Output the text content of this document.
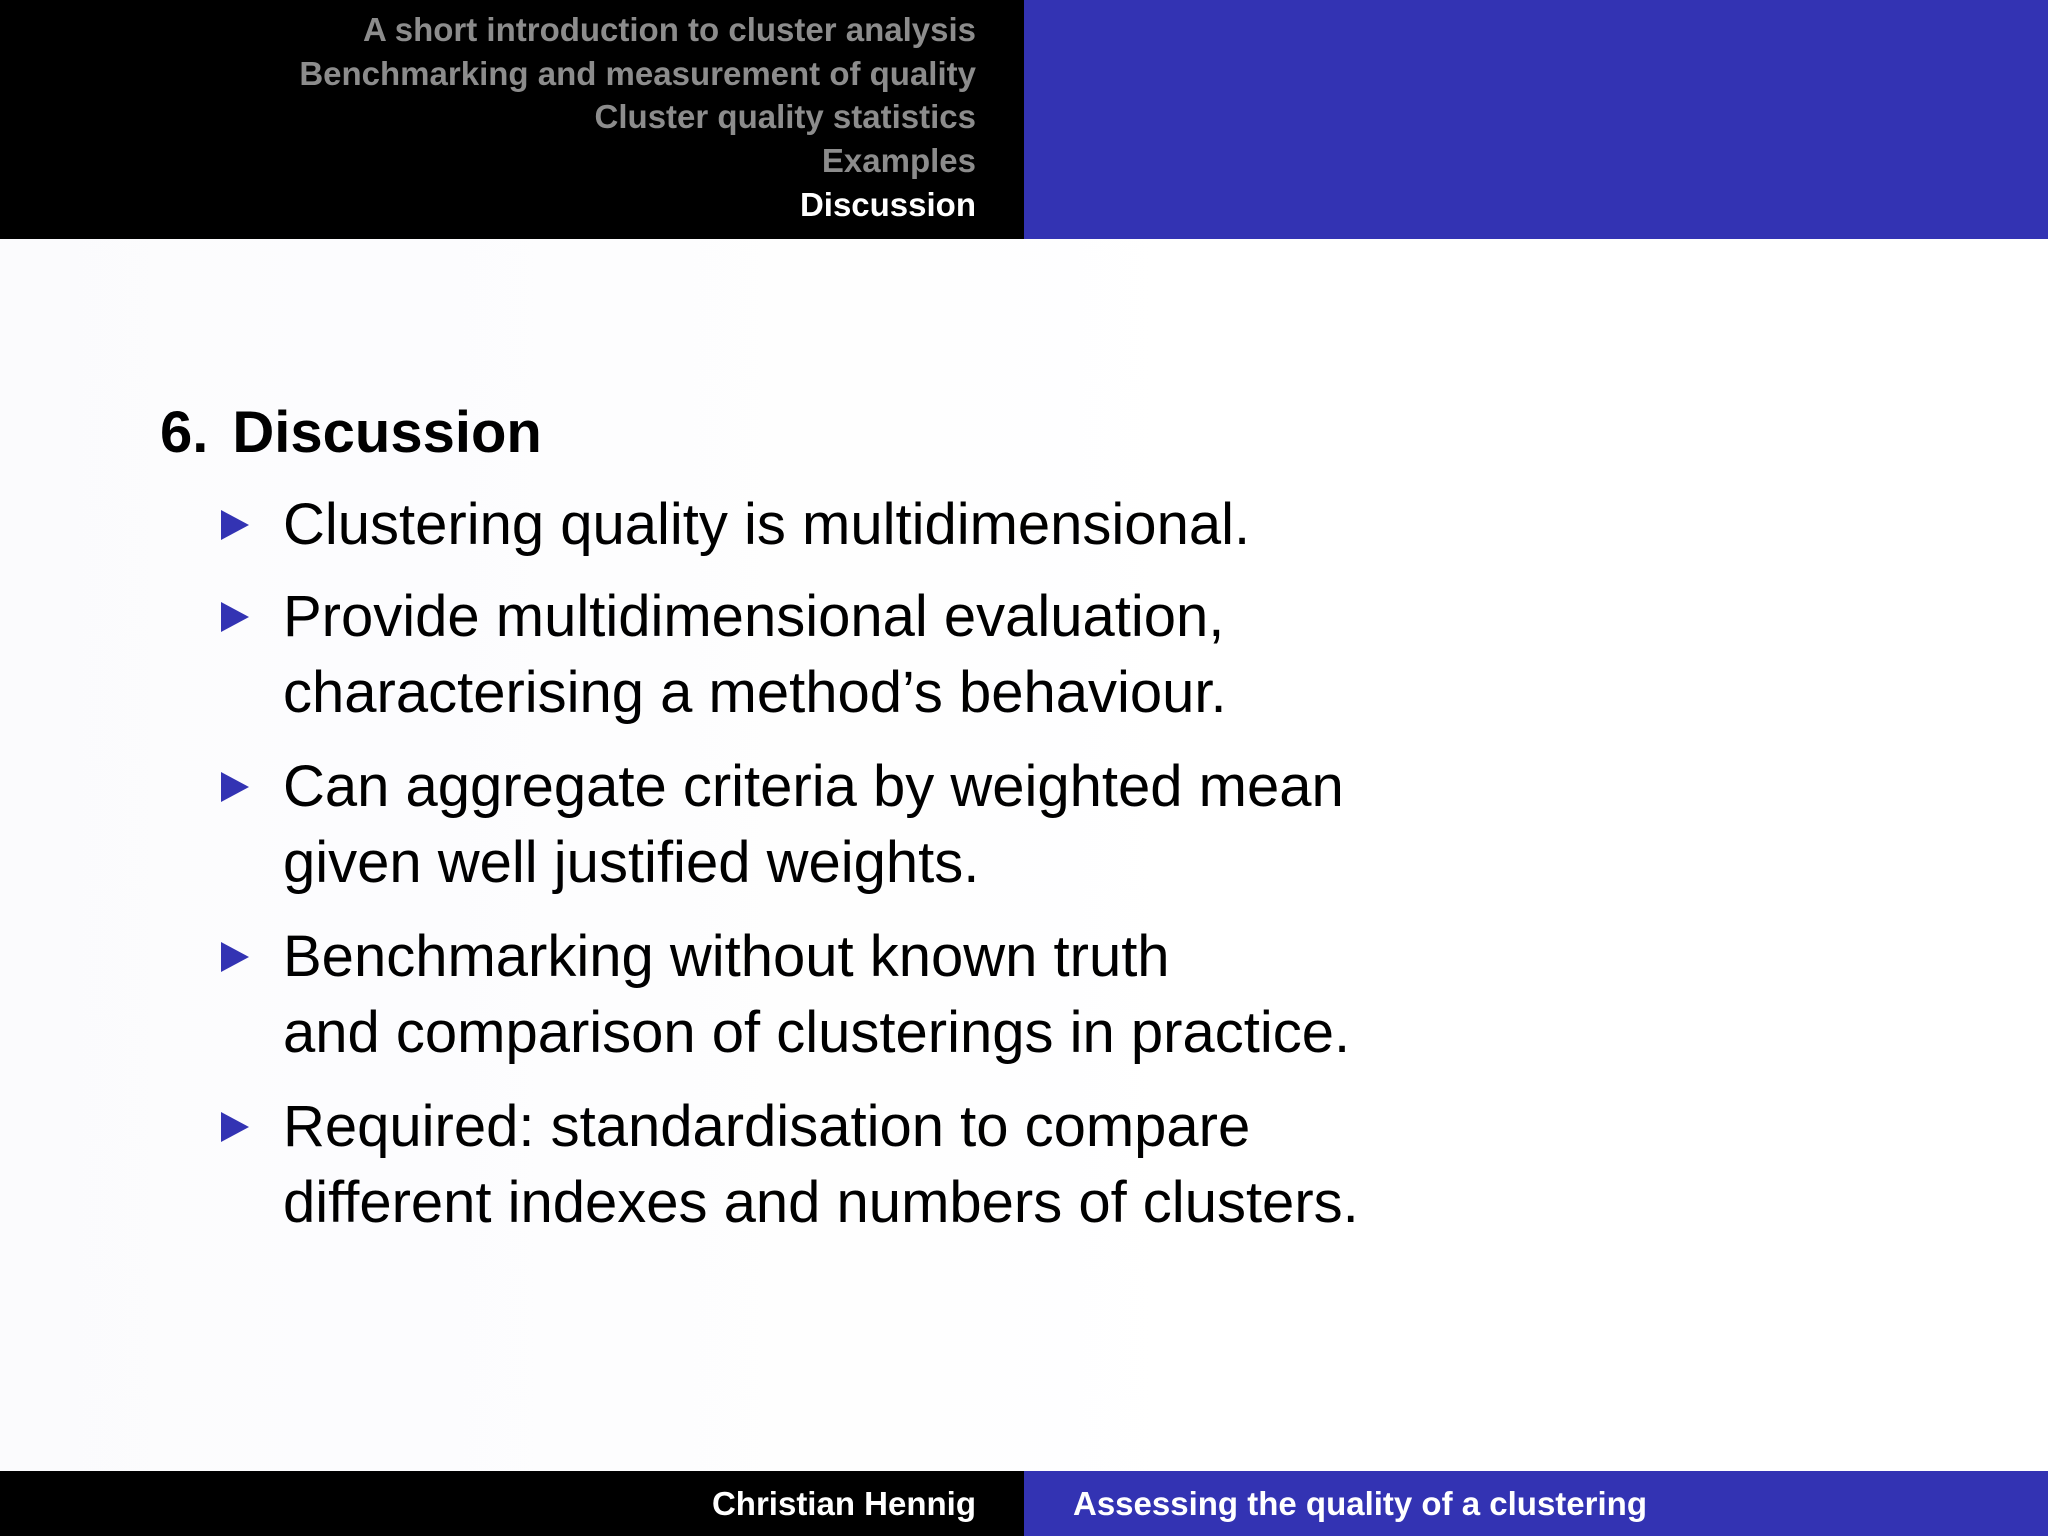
A short introduction to cluster analysis
Benchmarking and measurement of quality
Cluster quality statistics
Examples
Discussion
6. Discussion
Clustering quality is multidimensional.
Provide multidimensional evaluation,
characterising a method’s behaviour.
Can aggregate criteria by weighted mean
given well justified weights.
Benchmarking without known truth
and comparison of clusterings in practice.
Required: standardisation to compare
different indexes and numbers of clusters.
Christian Hennig	Assessing the quality of a clustering
